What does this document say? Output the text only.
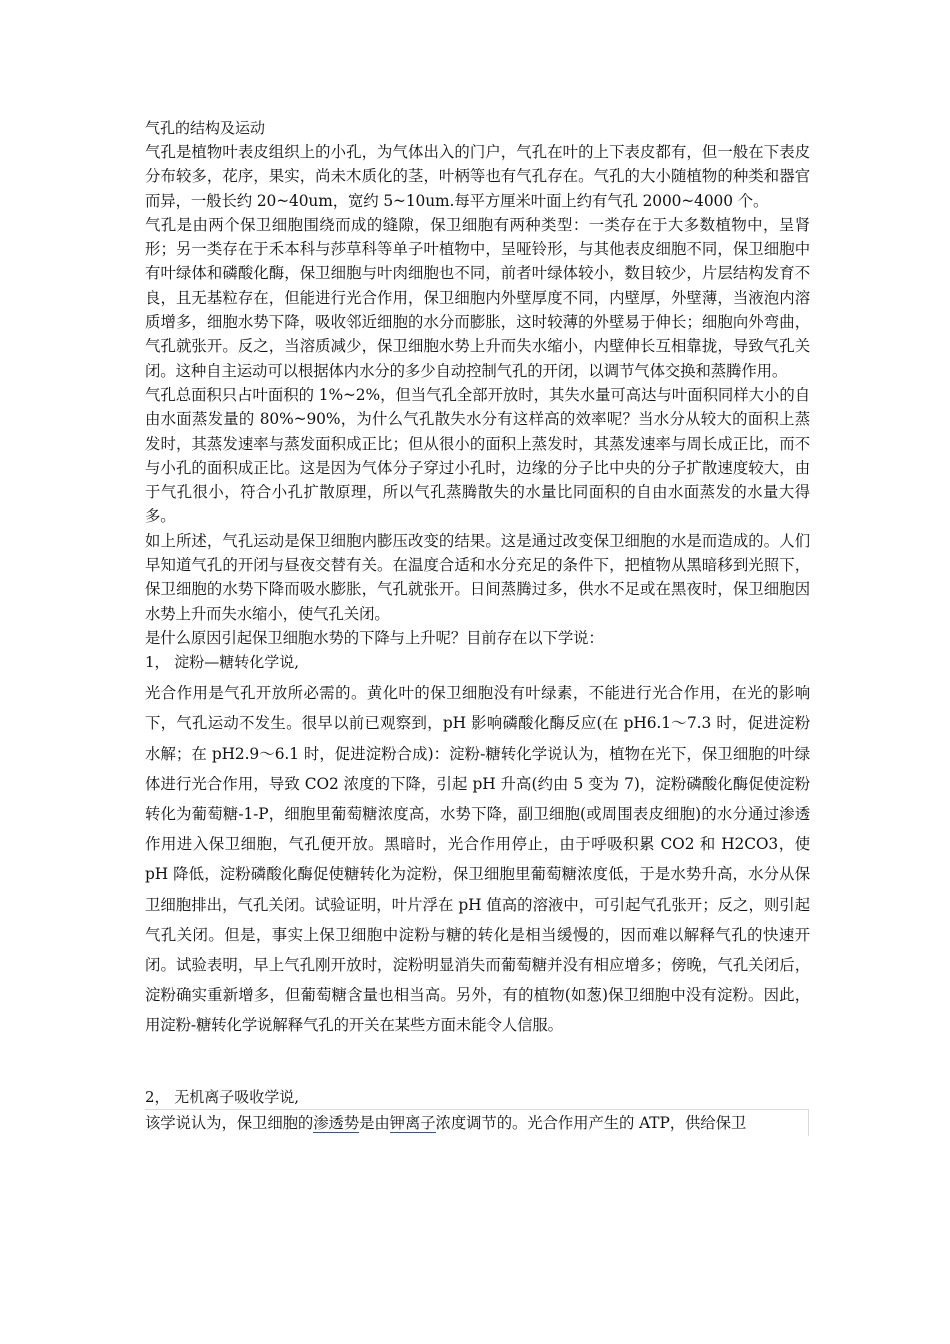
气孔的结构及运动

气孔是植物叶表皮组织上的小孔，为气体出入的门户，气孔在叶的上下表皮都有，但一般在下表皮分布较多，花序，果实，尚未木质化的茎，叶柄等也有气孔存在。气孔的大小随植物的种类和器官而异，一般长约 20~40um，宽约 5~10um.每平方厘米叶面上约有气孔 2000~4000 个。

气孔是由两个保卫细胞围绕而成的缝隙，保卫细胞有两种类型：一类存在于大多数植物中，呈肾形；另一类存在于禾本科与莎草科等单子叶植物中，呈哑铃形，与其他表皮细胞不同，保卫细胞中有叶绿体和磷酸化酶，保卫细胞与叶肉细胞也不同，前者叶绿体较小，数目较少，片层结构发育不良，且无基粒存在，但能进行光合作用，保卫细胞内外壁厚度不同，内壁厚，外壁薄，当液泡内溶质增多，细胞水势下降，吸收邻近细胞的水分而膨胀，这时较薄的外壁易于伸长；细胞向外弯曲，气孔就张开。反之，当溶质减少，保卫细胞水势上升而失水缩小，内壁伸长互相靠拢，导致气孔关闭。这种自主运动可以根据体内水分的多少自动控制气孔的开闭，以调节气体交换和蒸腾作用。

气孔总面积只占叶面积的 1%~2%，但当气孔全部开放时，其失水量可高达与叶面积同样大小的自由水面蒸发量的 80%~90%，为什么气孔散失水分有这样高的效率呢？当水分从较大的面积上蒸发时，其蒸发速率与蒸发面积成正比；但从很小的面积上蒸发时，其蒸发速率与周长成正比，而不与小孔的面积成正比。这是因为气体分子穿过小孔时，边缘的分子比中央的分子扩散速度较大，由于气孔很小，符合小孔扩散原理，所以气孔蒸腾散失的水量比同面积的自由水面蒸发的水量大得多。

如上所述，气孔运动是保卫细胞内膨压改变的结果。这是通过改变保卫细胞的水是而造成的。人们早知道气孔的开闭与昼夜交替有关。在温度合适和水分充足的条件下，把植物从黑暗移到光照下，保卫细胞的水势下降而吸水膨胀，气孔就张开。日间蒸腾过多，供水不足或在黑夜时，保卫细胞因水势上升而失水缩小，使气孔关闭。

是什么原因引起保卫细胞水势的下降与上升呢？目前存在以下学说：

1， 淀粉—糖转化学说,

光合作用是气孔开放所必需的。黄化叶的保卫细胞没有叶绿素，不能进行光合作用，在光的影响下，气孔运动不发生。很早以前已观察到，pH 影响磷酸化酶反应(在 pH6.1～7.3 时，促进淀粉水解；在 pH2.9～6.1 时，促进淀粉合成)：淀粉-糖转化学说认为，植物在光下，保卫细胞的叶绿体进行光合作用，导致 CO2 浓度的下降，引起 pH 升高(约由 5 变为 7)，淀粉磷酸化酶促使淀粉转化为葡萄糖-1-P，细胞里葡萄糖浓度高，水势下降，副卫细胞(或周围表皮细胞)的水分通过渗透作用进入保卫细胞，气孔便开放。黑暗时，光合作用停止，由于呼吸积累 CO2 和 H2CO3，使 pH 降低，淀粉磷酸化酶促使糖转化为淀粉，保卫细胞里葡萄糖浓度低，于是水势升高，水分从保卫细胞排出，气孔关闭。试验证明，叶片浮在 pH 值高的溶液中，可引起气孔张开；反之，则引起气孔关闭。但是，事实上保卫细胞中淀粉与糖的转化是相当缓慢的，因而难以解释气孔的快速开闭。试验表明，早上气孔刚开放时，淀粉明显消失而葡萄糖并没有相应增多；傍晚，气孔关闭后，淀粉确实重新增多，但葡萄糖含量也相当高。另外，有的植物(如葱)保卫细胞中没有淀粉。因此，用淀粉-糖转化学说解释气孔的开关在某些方面未能令人信服。

2， 无机离子吸收学说,

该学说认为，保卫细胞的渗透势是由钾离子浓度调节的。光合作用产生的 ATP，供给保卫
